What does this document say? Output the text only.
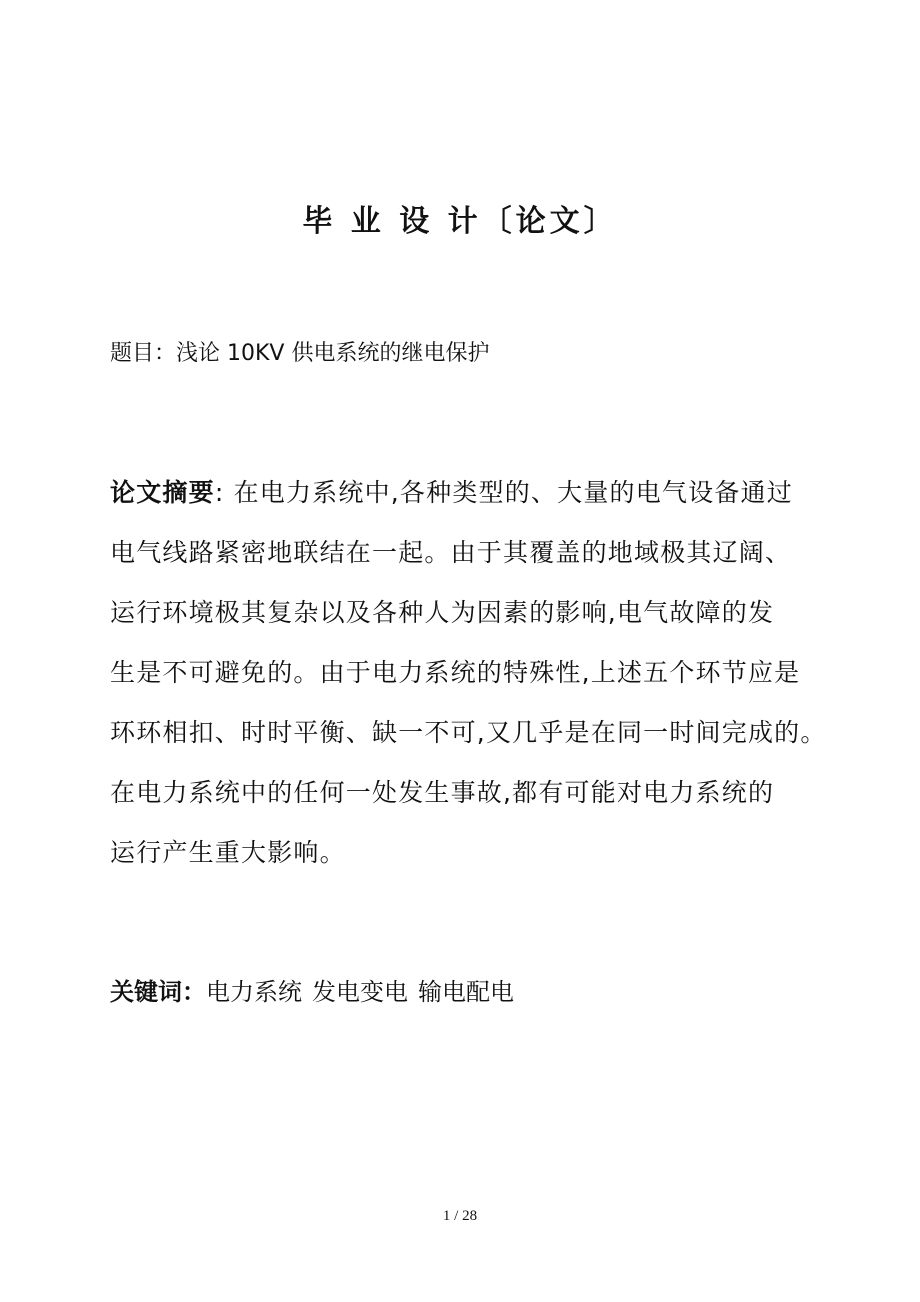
毕 业 设 计〔论文〕

题目：浅论 10KV 供电系统的继电保护

论文摘要: 在电力系统中,各种类型的、大量的电气设备通过
电气线路紧密地联结在一起。由于其覆盖的地域极其辽阔、
运行环境极其复杂以及各种人为因素的影响,电气故障的发
生是不可避免的。由于电力系统的特殊性,上述五个环节应是
环环相扣、时时平衡、缺一不可,又几乎是在同一时间完成的。
在电力系统中的任何一处发生事故,都有可能对电力系统的
运行产生重大影响。

关键词：电力系统 发电变电 输电配电

1 / 28
